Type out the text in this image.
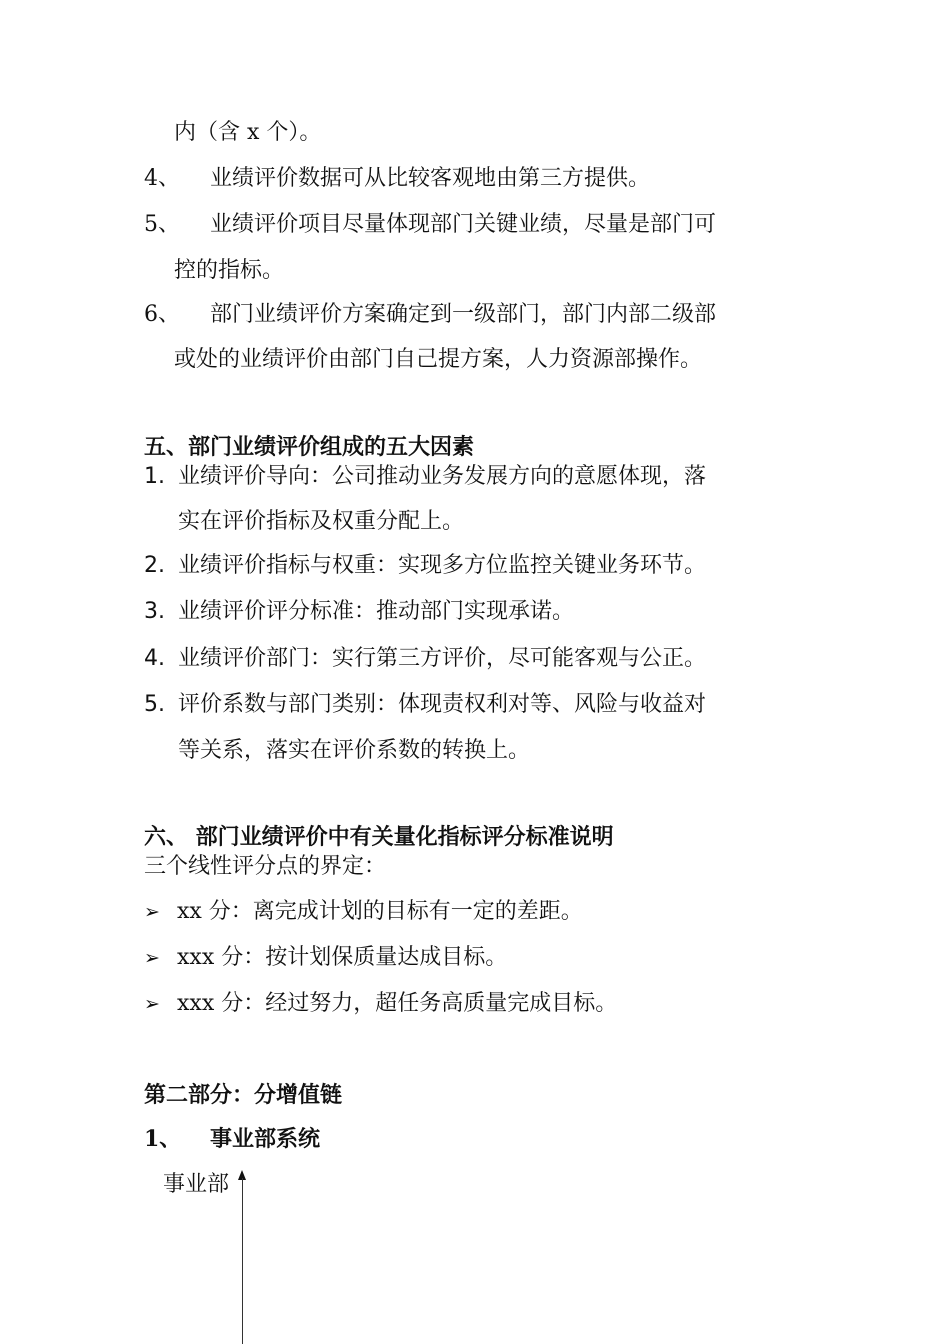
内（含 x 个）。
4、 业绩评价数据可从比较客观地由第三方提供。
5、 业绩评价项目尽量体现部门关键业绩，尽量是部门可
控的指标。
6、 部门业绩评价方案确定到一级部门，部门内部二级部
或处的业绩评价由部门自己提方案，人力资源部操作。
五、部门业绩评价组成的五大因素
1. 业绩评价导向：公司推动业务发展方向的意愿体现，落
实在评价指标及权重分配上。
2. 业绩评价指标与权重：实现多方位监控关键业务环节。
3. 业绩评价评分标准：推动部门实现承诺。
4. 业绩评价部门：实行第三方评价，尽可能客观与公正。
5. 评价系数与部门类别：体现责权利对等、风险与收益对
等关系，落实在评价系数的转换上。
六、 部门业绩评价中有关量化指标评分标准说明
三个线性评分点的界定：
➢ xx 分：离完成计划的目标有一定的差距。
➢ xxx 分：按计划保质量达成目标。
➢ xxx 分：经过努力，超任务高质量完成目标。
第二部分：分增值链
1、 事业部系统
事业部
